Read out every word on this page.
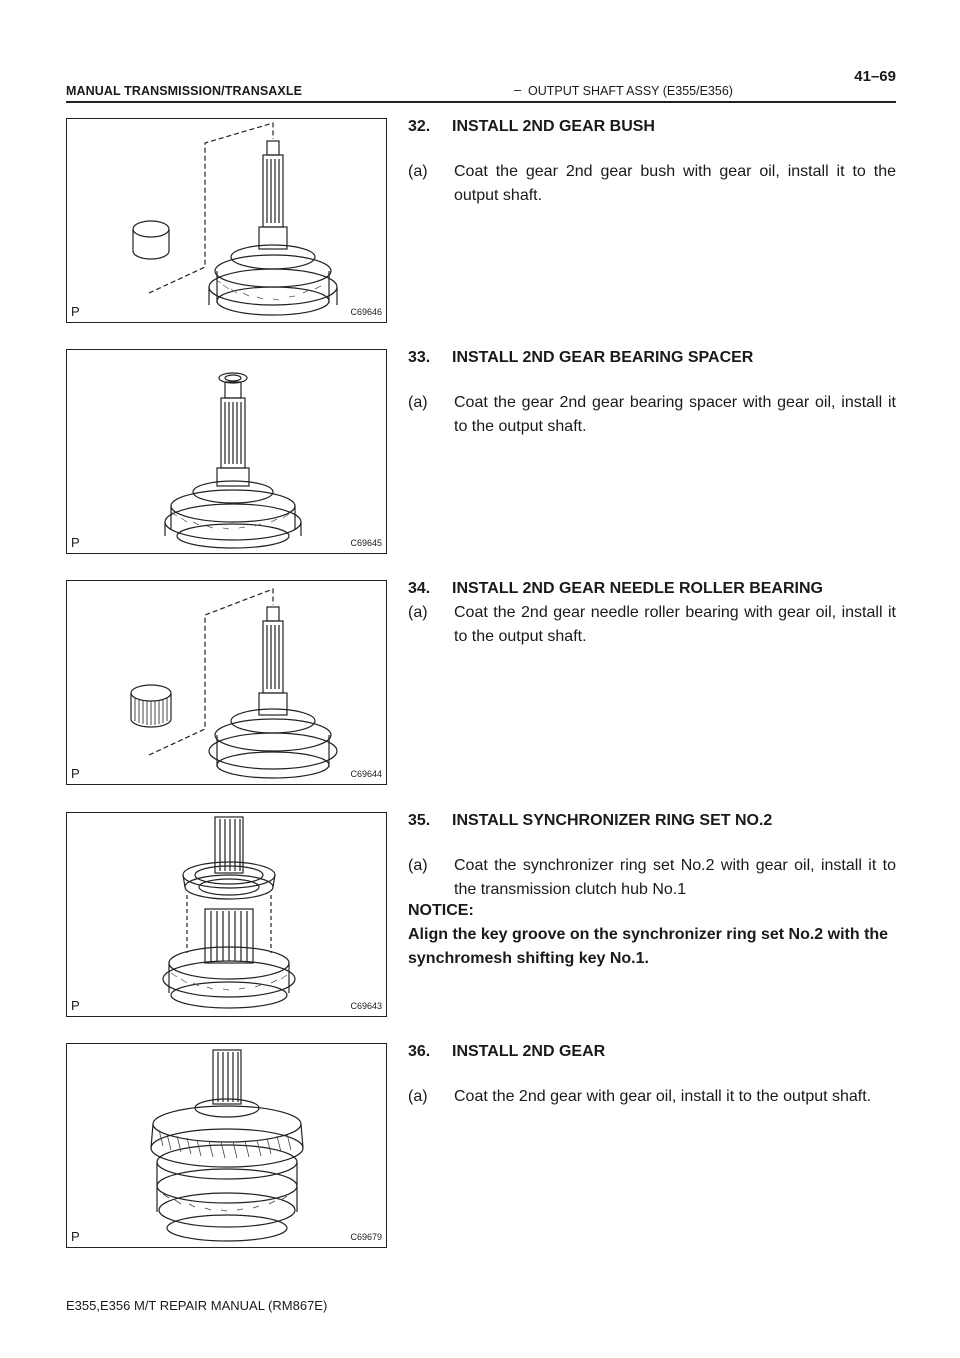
MANUAL TRANSMISSION/TRANSAXLE	– OUTPUT SHAFT ASSY (E355/E356)
41–69
P	C69646
P	C69645
P	C69644
P	C69643
P	C69679
32. INSTALL 2ND GEAR BUSH
(a) Coat the gear 2nd gear bush with gear oil, install it to the output shaft.
33. INSTALL 2ND GEAR BEARING SPACER
(a) Coat the gear 2nd gear bearing spacer with gear oil, install it to the output shaft.
34. INSTALL 2ND GEAR NEEDLE ROLLER BEARING
(a) Coat the 2nd gear needle roller bearing with gear oil, install it to the output shaft.
35. INSTALL SYNCHRONIZER RING SET NO.2
(a) Coat the synchronizer ring set No.2 with gear oil, install it to the transmission clutch hub No.1
NOTICE:
Align the key groove on the synchronizer ring set No.2 with the synchromesh shifting key No.1.
36. INSTALL 2ND GEAR
(a) Coat the 2nd gear with gear oil, install it to the output shaft.
E355,E356 M/T REPAIR MANUAL (RM867E)
